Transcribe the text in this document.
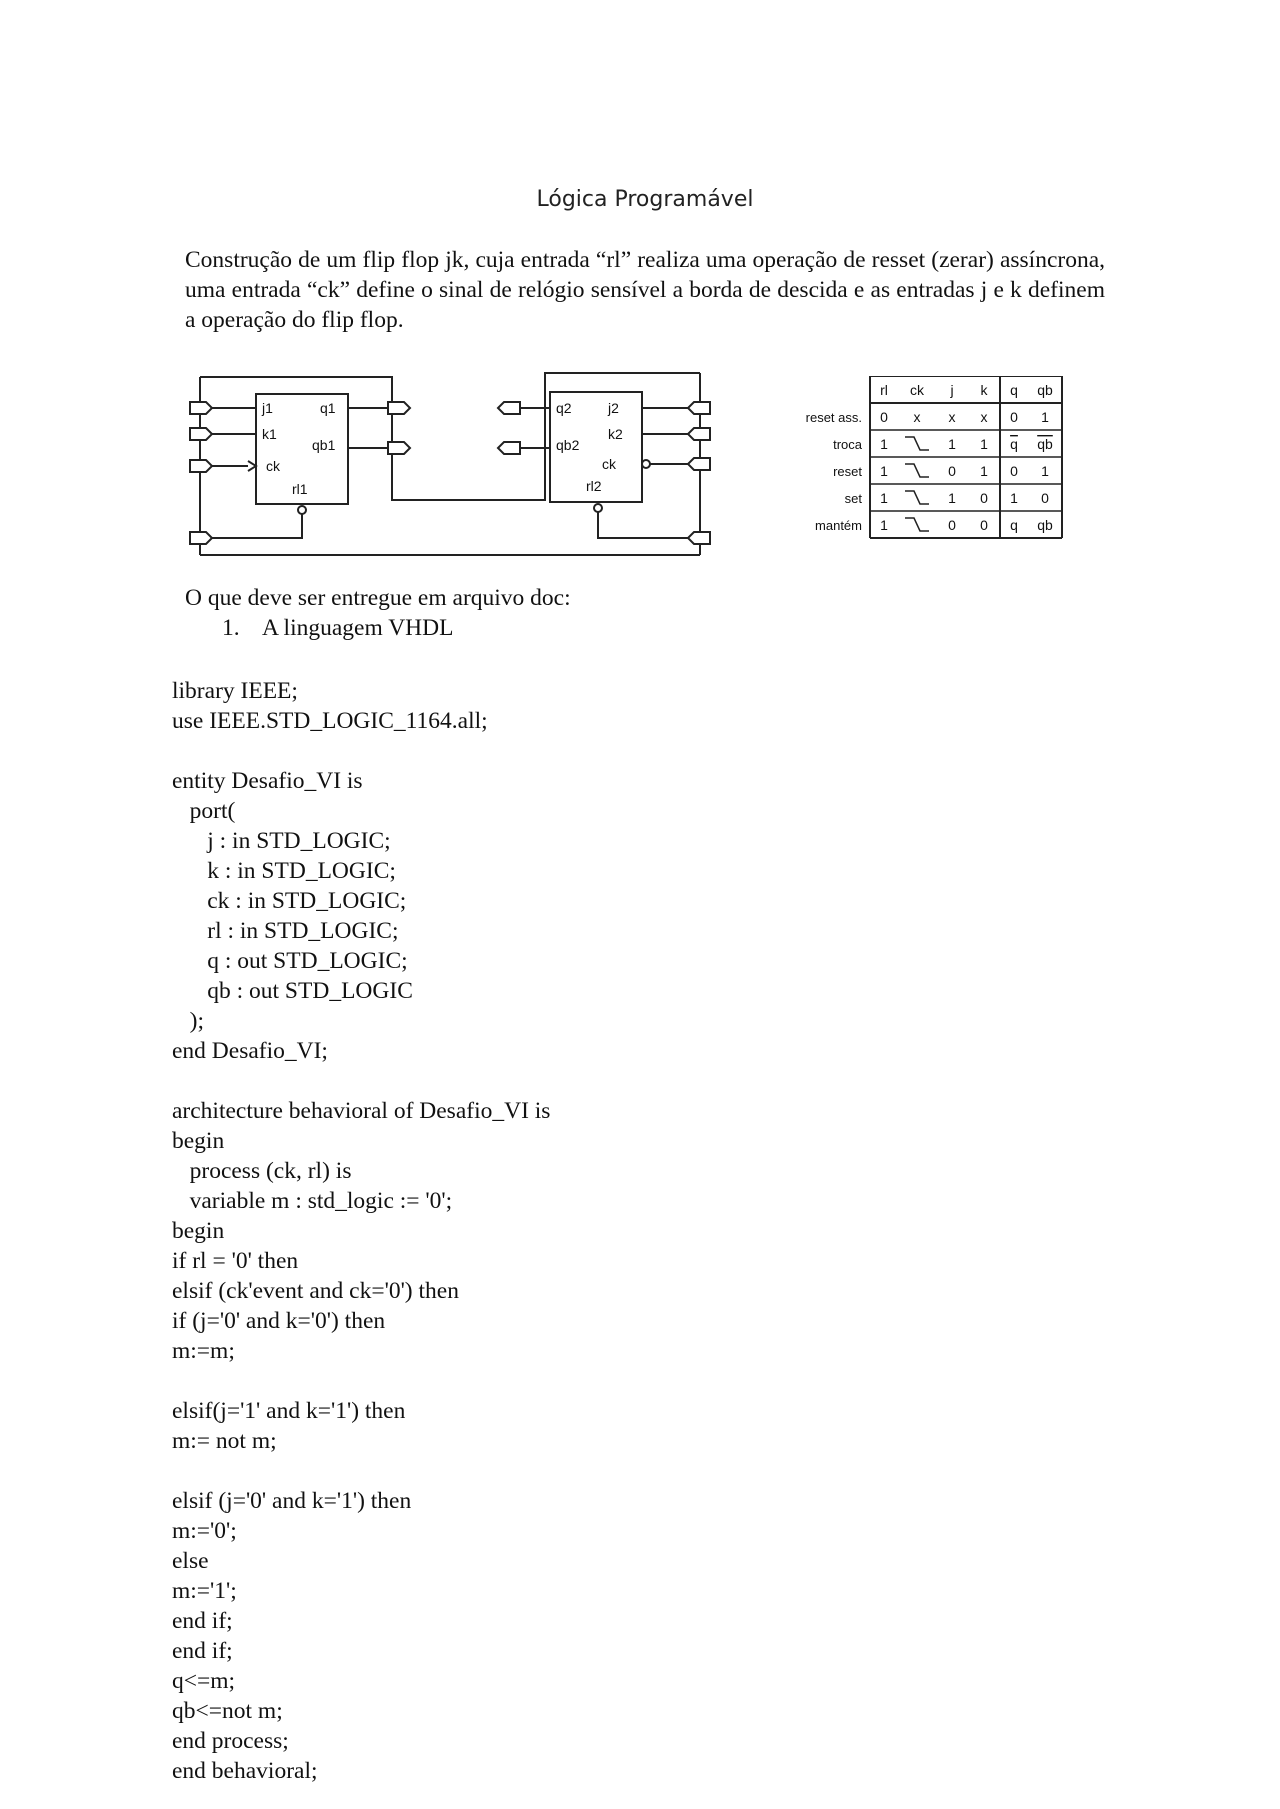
Lógica Programável
Construção de um flip flop jk, cuja entrada “rl” realiza uma operação de resset (zerar) assíncrona, uma entrada “ck” define o sinal de relógio sensível a borda de descida e as entradas j e k definem a operação do flip flop.
j1
k1
ck
q1
qb1
rl1
q2
qb2
j2
k2
ck
rl2
rl ck j k q qb
reset ass. 0 x x x 0 1
troca 1	1 1 q qb
reset 1	0 1 0 1
set 1	1 0 1 0
mantém 1	0 0 q qb
O que deve ser entregue em arquivo doc:
1. A linguagem VHDL
library IEEE;
use IEEE.STD_LOGIC_1164.all;
entity Desafio_VI is
port(
j : in STD_LOGIC;
k : in STD_LOGIC;
ck : in STD_LOGIC;
rl : in STD_LOGIC;
q : out STD_LOGIC;
qb : out STD_LOGIC
);
end Desafio_VI;
architecture behavioral of Desafio_VI is
begin
process (ck, rl) is
variable m : std_logic := '0';
begin
if rl = '0' then
elsif (ck'event and ck='0') then
if (j='0' and k='0') then
m:=m;
elsif(j='1' and k='1') then
m:= not m;
elsif (j='0' and k='1') then
m:='0';
else
m:='1';
end if;
end if;
q<=m;
qb<=not m;
end process;
end behavioral;
